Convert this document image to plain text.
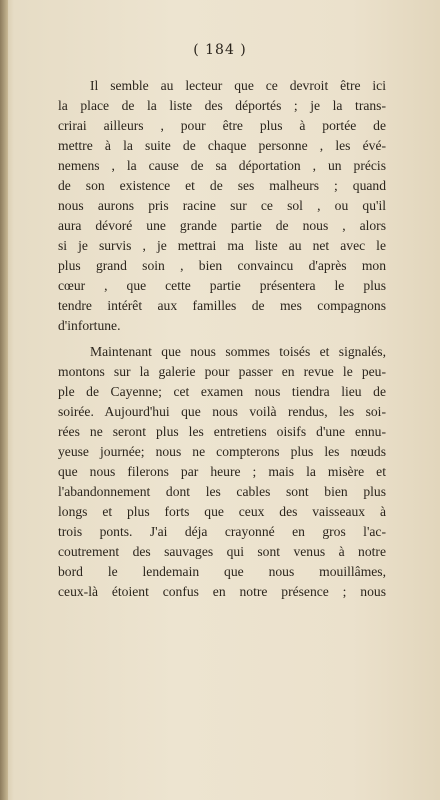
( 184 )

Il semble au lecteur que ce devroit être ici
la place de la liste des déportés ; je la trans-
crirai ailleurs , pour être plus à portée de
mettre à la suite de chaque personne , les évé-
nemens , la cause de sa déportation , un précis
de son existence et de ses malheurs ; quand
nous aurons pris racine sur ce sol , ou qu'il
aura dévoré une grande partie de nous , alors
si je survis , je mettrai ma liste au net avec le
plus grand soin , bien convaincu d'après mon
cœur , que cette partie présentera le plus
tendre intérêt aux familles de mes compagnons
d'infortune.

Maintenant que nous sommes toisés et signalés,
montons sur la galerie pour passer en revue le peu-
ple de Cayenne; cet examen nous tiendra lieu de
soirée. Aujourd'hui que nous voilà rendus, les soi-
rées ne seront plus les entretiens oisifs d'une ennu-
yeuse journée; nous ne compterons plus les nœuds
que nous filerons par heure ; mais la misère et
l'abandonnement dont les cables sont bien plus
longs et plus forts que ceux des vaisseaux à
trois ponts. J'ai déja crayonné en gros l'ac-
coutrement des sauvages qui sont venus à notre
bord le lendemain que nous mouillâmes,
ceux-là étoient confus en notre présence ; nous
